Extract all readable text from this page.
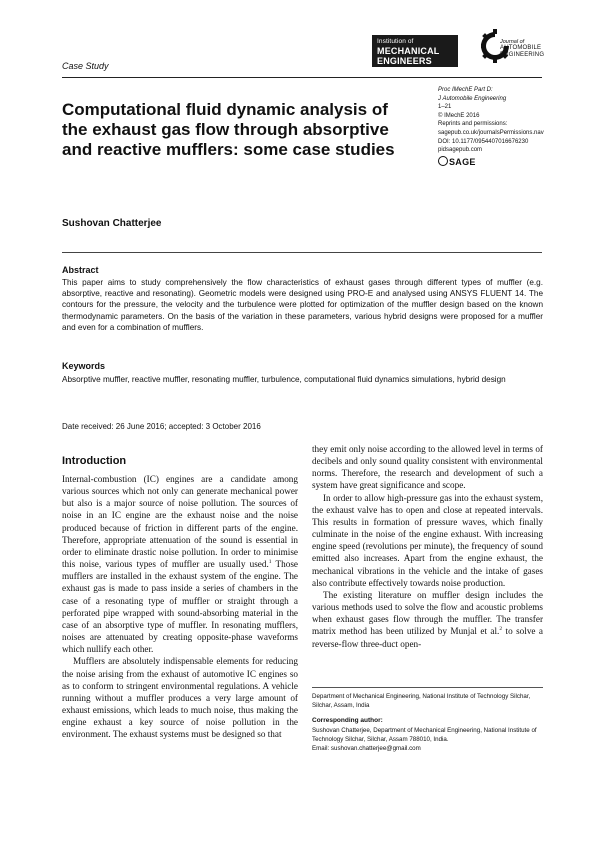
Case Study
Institution of
MECHANICAL
ENGINEERS
Journal of
AUTOMOBILE
ENGINEERING
Computational fluid dynamic analysis of the exhaust gas flow through absorptive and reactive mufflers: some case studies
Proc IMechE Part D:
J Automobile Engineering
1–21
© IMechE 2016
Reprints and permissions:
sagepub.co.uk/journalsPermissions.nav
DOI: 10.1177/0954407016676230
pidsagepub.com
SAGE
Sushovan Chatterjee
Abstract
This paper aims to study comprehensively the flow characteristics of exhaust gases through different types of muffler (e.g. absorptive, reactive and resonating). Geometric models were designed using PRO-E and analysed using ANSYS FLUENT 14. The contours for the pressure, the velocity and the turbulence were plotted for optimization of the muffler design based on the known thermodynamic parameters. On the basis of the variation in these parameters, various hybrid designs were proposed for a muffler and even for a combination of mufflers.
Keywords
Absorptive muffler, reactive muffler, resonating muffler, turbulence, computational fluid dynamics simulations, hybrid design
Date received: 26 June 2016; accepted: 3 October 2016
Introduction

Internal-combustion (IC) engines are a candidate among various sources which not only can generate mechanical power but also is a major source of noise pollution. The sources of noise in an IC engine are the exhaust noise and the noise produced because of friction in different parts of the engine. Therefore, appropriate attenuation of the sound is essential in order to eliminate drastic noise pollution. In order to minimise this noise, various types of muffler are usually used.$^1$ Those mufflers are installed in the exhaust system of the engine. The exhaust gas is made to pass inside a series of chambers in the case of a resonating type of muffler or straight through a perforated pipe wrapped with sound-absorbing material in the case of an absorptive type of muffler. In resonating mufflers, noises are attenuated by creating opposite-phase waveforms which nullify each other.

Mufflers are absolutely indispensable elements for reducing the noise arising from the exhaust of automotive IC engines so as to conform to stringent environmental regulations. A vehicle running without a muffler produces a very large amount of exhaust emissions, which leads to much noise, thus making the engine exhaust a key source of noise pollution in the environment. The exhaust systems must be designed so that

they emit only noise according to the allowed level in terms of decibels and only sound quality consistent with environmental norms. Therefore, the research and development of such a system have great significance and scope.

In order to allow high-pressure gas into the exhaust system, the exhaust valve has to open and close at repeated intervals. This results in formation of pressure waves, which finally culminate in the noise of the engine exhaust. With increasing engine speed (revolutions per minute), the frequency of sound emitted also increases. Apart from the engine exhaust, the mechanical vibrations in the vehicle and the intake of gases also contribute effectively towards noise production.

The existing literature on muffler design includes the various methods used to solve the flow and acoustic problems when exhaust gases flow through the muffler. The transfer matrix method has been utilized by Munjal et al.$^2$ to solve a reverse-flow three-duct open-

Department of Mechanical Engineering, National Institute of Technology Silchar, Silchar, Assam, India
Corresponding author:
Sushovan Chatterjee, Department of Mechanical Engineering, National Institute of Technology Silchar, Silchar, Assam 788010, India.
Email: sushovan.chatterjee@gmail.com
